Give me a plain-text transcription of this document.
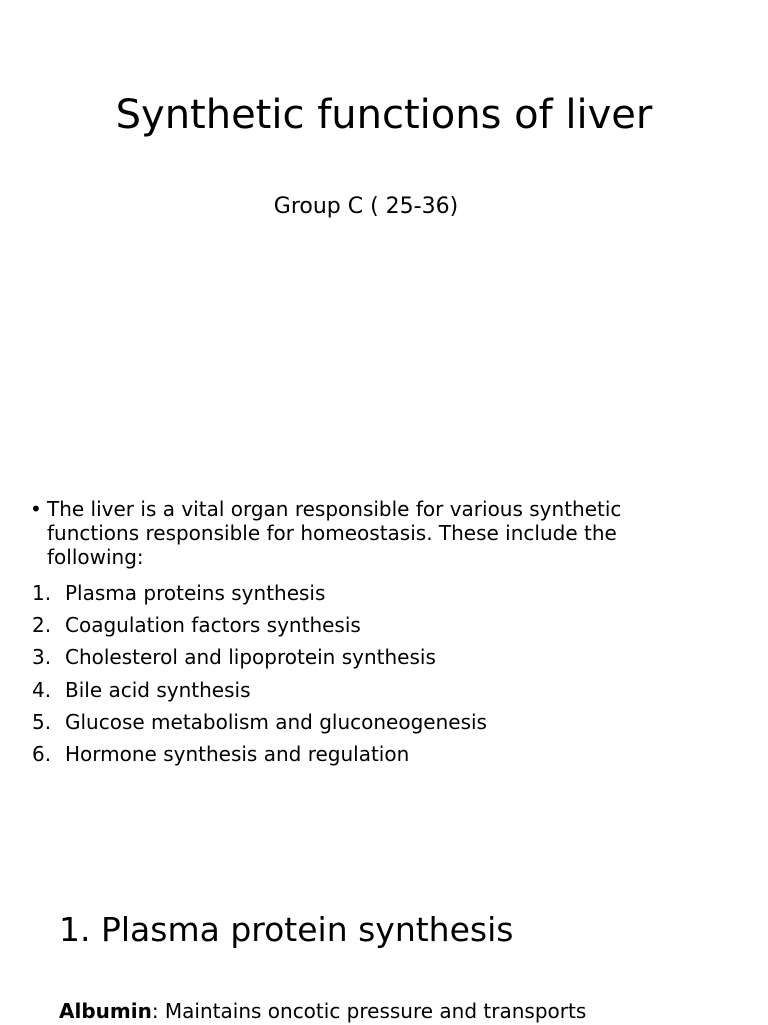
Synthetic functions of liver

Group C ( 25-36)

• The liver is a vital organ responsible for various synthetic functions responsible for homeostasis. These include the following:
1. Plasma proteins synthesis
2. Coagulation factors synthesis
3. Cholesterol and lipoprotein synthesis
4. Bile acid synthesis
5. Glucose metabolism and gluconeogenesis
6. Hormone synthesis and regulation
1. Plasma protein synthesis

Albumin: Maintains oncotic pressure and transports
